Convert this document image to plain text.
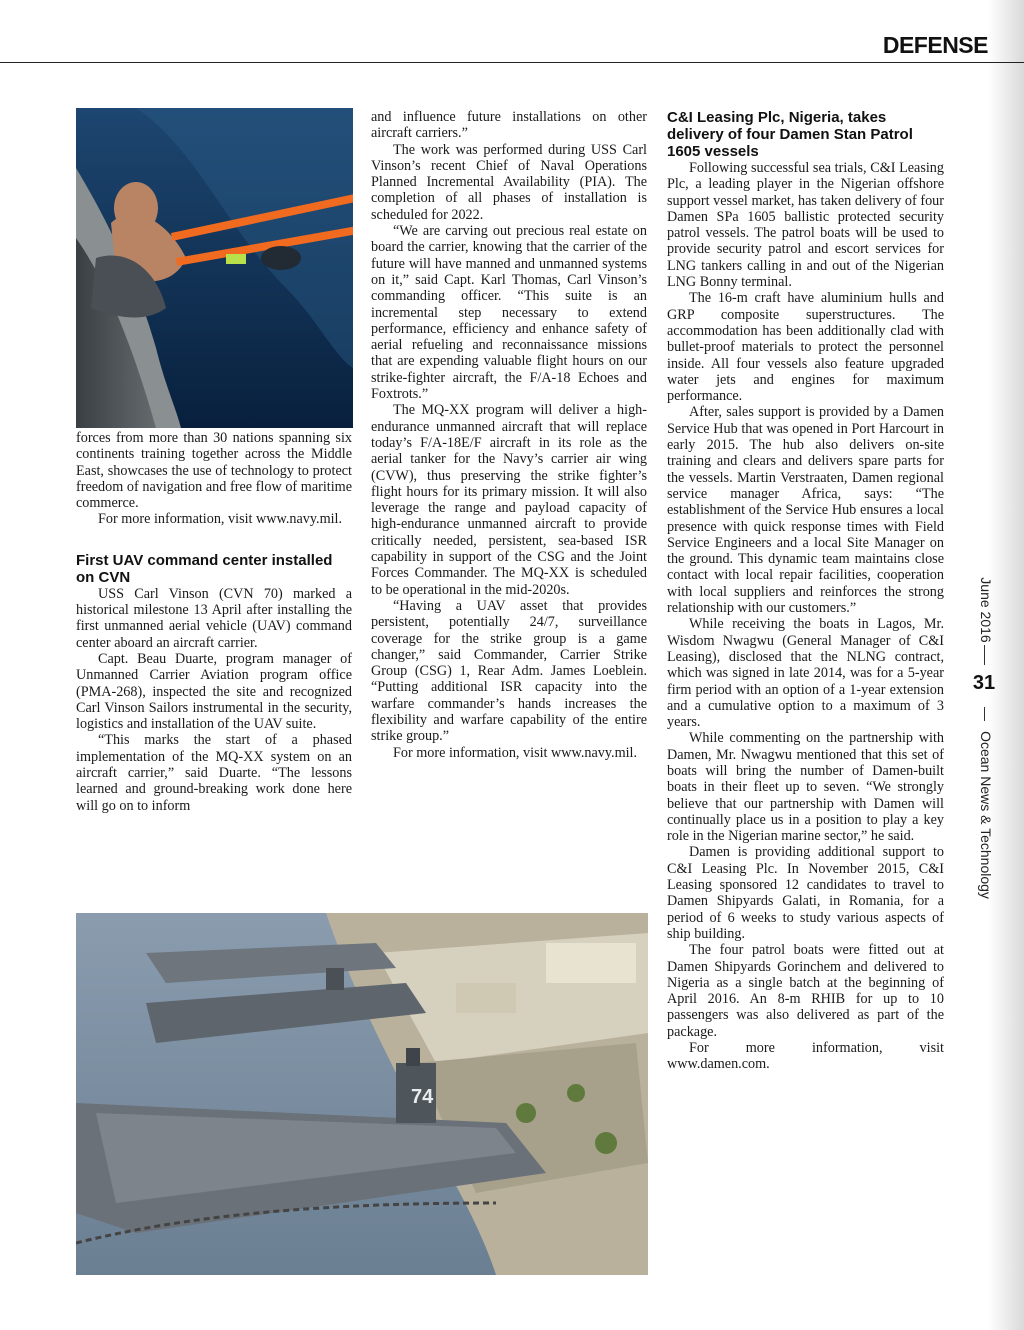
DEFENSE

forces from more than 30 nations spanning six continents training together across the Middle East, showcases the use of technology to protect freedom of navigation and free flow of maritime commerce.

For more information, visit www.navy.mil.

First UAV command center installed on CVN

USS Carl Vinson (CVN 70) marked a historical milestone 13 April after installing the first unmanned aerial vehicle (UAV) command center aboard an aircraft carrier.

Capt. Beau Duarte, program manager of Unmanned Carrier Aviation program office (PMA-268), inspected the site and recognized Carl Vinson Sailors instrumental in the security, logistics and installation of the UAV suite.

“This marks the start of a phased implementation of the MQ-XX system on an aircraft carrier,” said Duarte. “The lessons learned and ground-breaking work done here will go on to inform

and influence future installations on other aircraft carriers.”

The work was performed during USS Carl Vinson’s recent Chief of Naval Operations Planned Incremental Availability (PIA). The completion of all phases of installation is scheduled for 2022.

“We are carving out precious real estate on board the carrier, knowing that the carrier of the future will have manned and unmanned systems on it,” said Capt. Karl Thomas, Carl Vinson’s commanding officer. “This suite is an incremental step necessary to extend performance, efficiency and enhance safety of aerial refueling and reconnaissance missions that are expending valuable flight hours on our strike-fighter aircraft, the F/A-18 Echoes and Foxtrots.”

The MQ-XX program will deliver a high-endurance unmanned aircraft that will replace today’s F/A-18E/F aircraft in its role as the aerial tanker for the Navy’s carrier air wing (CVW), thus preserving the strike fighter’s flight hours for its primary mission. It will also leverage the range and payload capacity of high-endurance unmanned aircraft to provide critically needed, persistent, sea-based ISR capability in support of the CSG and the Joint Forces Commander. The MQ-XX is scheduled to be operational in the mid-2020s.

“Having a UAV asset that provides persistent, potentially 24/7, surveillance coverage for the strike group is a game changer,” said Commander, Carrier Strike Group (CSG) 1, Rear Adm. James Loeblein. “Putting additional ISR capacity into the warfare commander’s hands increases the flexibility and warfare capability of the entire strike group.”

For more information, visit www.navy.mil.

C&I Leasing Plc, Nigeria, takes delivery of four Damen Stan Patrol 1605 vessels

Following successful sea trials, C&I Leasing Plc, a leading player in the Nigerian offshore support vessel market, has taken delivery of four Damen SPa 1605 ballistic protected security patrol vessels. The patrol boats will be used to provide security patrol and escort services for LNG tankers calling in and out of the Nigerian LNG Bonny terminal.

The 16-m craft have aluminium hulls and GRP composite superstructures. The accommodation has been additionally clad with bullet-proof materials to protect the personnel inside. All four vessels also feature upgraded water jets and engines for maximum performance.

After, sales support is provided by a Damen Service Hub that was opened in Port Harcourt in early 2015. The hub also delivers on-site training and clears and delivers spare parts for the vessels. Martin Verstraaten, Damen regional service manager Africa, says: “The establishment of the Service Hub ensures a local presence with quick response times with Field Service Engineers and a local Site Manager on the ground. This dynamic team maintains close contact with local repair facilities, cooperation with local suppliers and reinforces the strong relationship with our customers.”

While receiving the boats in Lagos, Mr. Wisdom Nwagwu (General Manager of C&I Leasing), disclosed that the NLNG contract, which was signed in late 2014, was for a 5-year firm period with an option of a 1-year extension and a cumulative option to a maximum of 3 years.

While commenting on the partnership with Damen, Mr. Nwagwu mentioned that this set of boats will bring the number of Damen-built boats in their fleet up to seven. “We strongly believe that our partnership with Damen will continually place us in a position to play a key role in the Nigerian marine sector,” he said.

Damen is providing additional support to C&I Leasing Plc. In November 2015, C&I Leasing sponsored 12 candidates to travel to Damen Shipyards Galati, in Romania, for a period of 6 weeks to study various aspects of ship building.

The four patrol boats were fitted out at Damen Shipyards Gorinchem and delivered to Nigeria as a single batch at the beginning of April 2016. An 8-m RHIB for up to 10 passengers was also delivered as part of the package.

For more information, visit www.damen.com.

74
June 2016
31
Ocean News & Technology
